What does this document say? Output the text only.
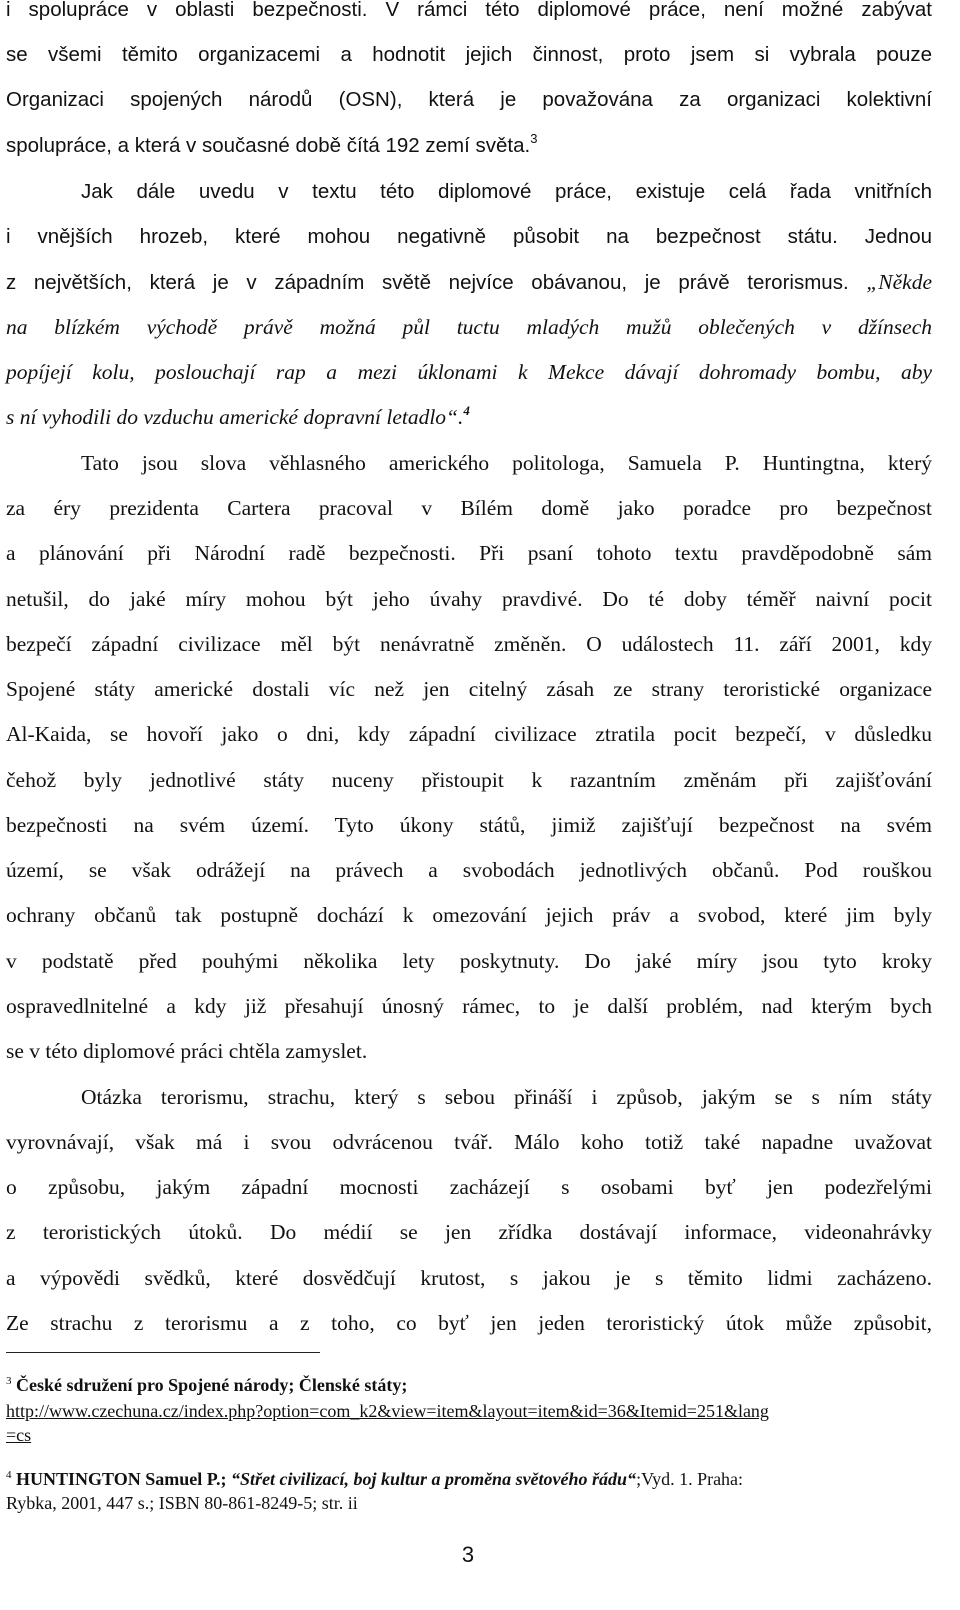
i spolupráce v oblasti bezpečnosti. V rámci této diplomové práce, není možné zabývat
se všemi těmito organizacemi a hodnotit jejich činnost, proto jsem si vybrala pouze
Organizaci spojených národů (OSN), která je považována za organizaci kolektivní
spolupráce, a která v současné době čítá 192 zemí světa.$^3$
Jak dále uvedu v textu této diplomové práce, existuje celá řada vnitřních
i vnějších hrozeb, které mohou negativně působit na bezpečnost státu. Jednou
z největších, která je v západním světě nejvíce obávanou, je právě terorismus. „Někde
na blízkém východě právě možná půl tuctu mladých mužů oblečených v džínsech
popíjejí kolu, poslouchají rap a mezi úklonami k Mekce dávají dohromady bombu, aby
s ní vyhodili do vzduchu americké dopravní letadlo“.$^4$
Tato jsou slova věhlasného amerického politologa, Samuela P. Huntingtna, který
za éry prezidenta Cartera pracoval v Bílém domě jako poradce pro bezpečnost
a plánování při Národní radě bezpečnosti. Při psaní tohoto textu pravděpodobně sám
netušil, do jaké míry mohou být jeho úvahy pravdivé. Do té doby téměř naivní pocit
bezpečí západní civilizace měl být nenávratně změněn. O událostech 11. září 2001, kdy
Spojené státy americké dostali víc než jen citelný zásah ze strany teroristické organizace
Al-Kaida, se hovoří jako o dni, kdy západní civilizace ztratila pocit bezpečí, v důsledku
čehož byly jednotlivé státy nuceny přistoupit k razantním změnám při zajišťování
bezpečnosti na svém území. Tyto úkony států, jimiž zajišťují bezpečnost na svém
území, se však odrážejí na právech a svobodách jednotlivých občanů. Pod rouškou
ochrany občanů tak postupně dochází k omezování jejich práv a svobod, které jim byly
v podstatě před pouhými několika lety poskytnuty. Do jaké míry jsou tyto kroky
ospravedlnitelné a kdy již přesahují únosný rámec, to je další problém, nad kterým bych
se v této diplomové práci chtěla zamyslet.
Otázka terorismu, strachu, který s sebou přináší i způsob, jakým se s ním státy
vyrovnávají, však má i svou odvrácenou tvář. Málo koho totiž také napadne uvažovat
o způsobu, jakým západní mocnosti zacházejí s osobami byť jen podezřelými
z teroristických útoků. Do médií se jen zřídka dostávají informace, videonahrávky
a výpovědi svědků, které dosvědčují krutost, s jakou je s těmito lidmi zacházeno.
Ze strachu z terorismu a z toho, co byť jen jeden teroristický útok může způsobit,
$^3$ České sdružení pro Spojené národy; Členské státy;
http://www.czechuna.cz/index.php?option=com_k2&view=item&layout=item&id=36&Itemid=251&lang
=cs
$^4$ HUNTINGTON Samuel P.; “Střet civilizací, boj kultur a proměna světového řádu“;Vyd. 1. Praha:
Rybka, 2001, 447 s.; ISBN 80-861-8249-5; str. ii
3
